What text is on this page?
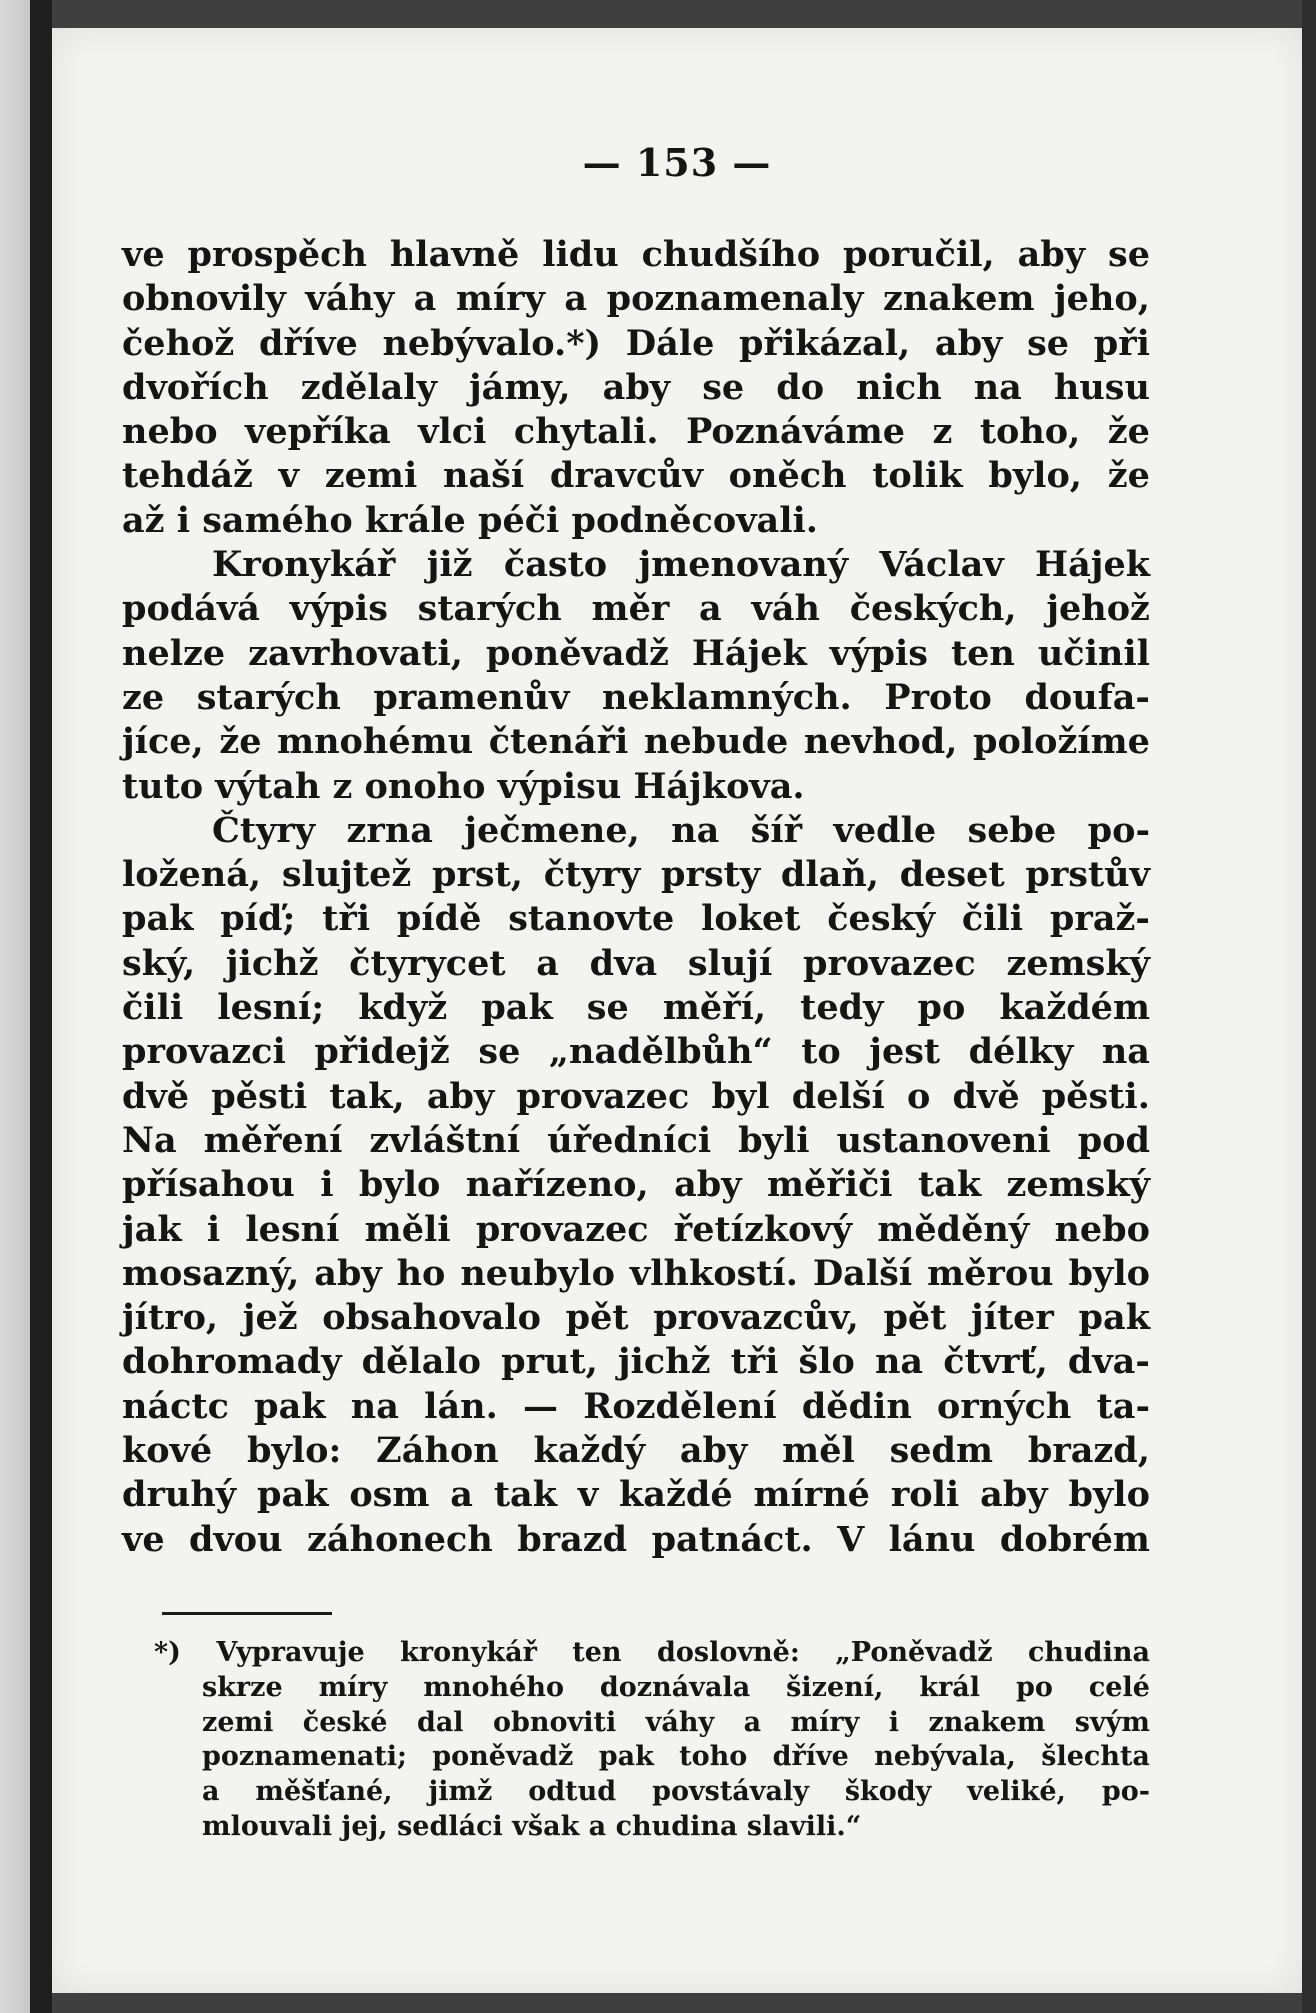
— 153 —
ve prospěch hlavně lidu chudšího poručil, aby se
obnovily váhy a míry a poznamenaly znakem jeho,
čehož dříve nebývalo.*) Dále přikázal, aby se při
dvořích zdělaly jámy, aby se do nich na husu
nebo vepříka vlci chytali. Poznáváme z toho, že
tehdáž v zemi naší dravcův oněch tolik bylo, že
až i samého krále péči podněcovali.
Kronykář již často jmenovaný Václav Hájek
podává výpis starých měr a váh českých, jehož
nelze zavrhovati, poněvadž Hájek výpis ten učinil
ze starých pramenův neklamných. Proto doufa-
jíce, že mnohému čtenáři nebude nevhod, položíme
tuto výtah z onoho výpisu Hájkova.
Čtyry zrna ječmene, na šíř vedle sebe po-
ložená, slujtež prst, čtyry prsty dlaň, deset prstův
pak píď; tři pídě stanovte loket český čili praž-
ský, jichž čtyrycet a dva slují provazec zemský
čili lesní; když pak se měří, tedy po každém
provazci přidejž se „nadělbůh“ to jest délky na
dvě pěsti tak, aby provazec byl delší o dvě pěsti.
Na měření zvláštní úředníci byli ustanoveni pod
přísahou i bylo nařízeno, aby měřiči tak zemský
jak i lesní měli provazec řetízkový měděný nebo
mosazný, aby ho neubylo vlhkostí. Další měrou bylo
jítro, jež obsahovalo pět provazcův, pět jíter pak
dohromady dělalo prut, jichž tři šlo na čtvrť, dva-
náctc pak na lán. — Rozdělení dědin orných ta-
kové bylo: Záhon každý aby měl sedm brazd,
druhý pak osm a tak v každé mírné roli aby bylo
ve dvou záhonech brazd patnáct. V lánu dobrém
*) Vypravuje kronykář ten doslovně: „Poněvadž chudina
skrze míry mnohého doznávala šizení, král po celé
zemi české dal obnoviti váhy a míry i znakem svým
poznamenati; poněvadž pak toho dříve nebývala, šlechta
a měšťané, jimž odtud povstávaly škody veliké, po-
mlouvali jej, sedláci však a chudina slavili.“
